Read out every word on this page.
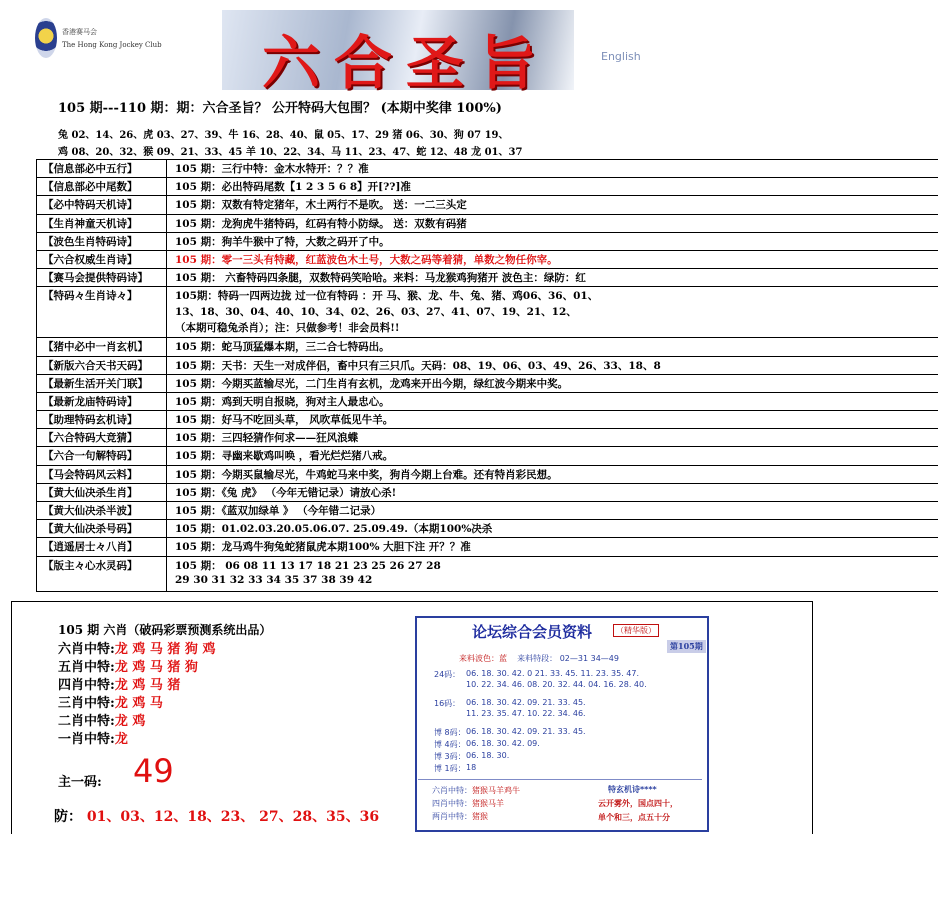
香港赛马会
The Hong Kong Jockey Club 六合圣旨	English
105 期---110 期：期：六合圣旨？ 公开特码大包围？ (本期中奖律 100%)
兔 02、14、26、虎 03、27、39、牛 16、28、40、鼠 05、17、29 猪 06、30、狗 07 19、
鸡 08、20、32、猴 09、21、33、45 羊 10、22、34、马 11、23、47、蛇 12、48 龙 01、37
【信息部必中五行】	105 期：三行中特：金木水特开：？？准
【信息部必中尾数】	105 期：必出特码尾数【1 2 3 5 6 8】开[??]准
【必中特码天机诗】	105 期：双数有特定猪年，木土两行不是吹。 送：一二三头定
【生肖神童天机诗】	105 期：龙狗虎牛猪特码，红码有特小防绿。 送：双数有码猪
【波色生肖特码诗】	105 期：狗羊牛猴中了特，大数之码开了中。
【六合权威生肖诗】	105 期：零一三头有特藏，红蓝波色木土号，大数之码等着猜，单数之物任你宰。
【赛马会提供特码诗】	105 期： 六畜特码四条腿，双数特码笑哈哈。来料：马龙猴鸡狗猪开 波色主：绿防：红
【特码々生肖诗々】	105期：特码一四两边拢 过一位有特码 ：开 马、猴、龙、牛、兔、猪、鸡06、36、01、
13、18、30、04、40、10、34、02、26、03、27、41、07、19、21、12、
（本期可稳兔杀肖）；注：只做参考！非会员料!!
【猪中必中一肖玄机】	105 期：蛇马顶猛爆本期，三二合七特码出。
【新版六合天书天码】	105 期：天书：天生一对成伴侣，畜中只有三只爪。天码：08、19、06、03、49、26、33、18、8
【最新生活开关门联】	105 期：今期买蓝输尽光，二门生肖有玄机，龙鸡来开出今期，绿红波今期来中奖。
【最新龙庙特码诗】	105 期：鸡到天明自报晓，狗对主人最忠心。
【助理特码玄机诗】	105 期：好马不吃回头草， 风吹草低见牛羊。
【六合特码大竞猜】	105 期：三四轻猜作何求——狂风浪蝶
【六合一句解特码】	105 期：寻幽来歇鸡叫唤 ，看光烂烂猪八戒。
【马会特码风云料】	105 期：今期买鼠输尽光，牛鸡蛇马来中奖，狗肖今期上台难。还有特肖彩民想。
【黄大仙决杀生肖】	105 期：《兔 虎》 （今年无错记录）请放心杀!
【黄大仙决杀半波】	105 期：《蓝双加绿单 》 （今年错二记录）
【黄大仙决杀号码】	105 期：01.02.03.20.05.06.07. 25.09.49.（本期100%决杀
【逍遥居士々八肖】	105 期：龙马鸡牛狗兔蛇猪鼠虎本期100% 大胆下注 开？？准
【版主々心水灵码】	105 期： 06 08 11 13 17 18 21 23 25 26 27 28
29 30 31 32 33 34 35 37 38 39 42
105 期 六肖（破码彩票预测系统出品）
六肖中特:龙 鸡 马 猪 狗 鸡
五肖中特:龙 鸡 马 猪 狗
四肖中特:龙 鸡 马 猪
三肖中特:龙 鸡 马
二肖中特:龙 鸡
一肖中特:龙
主一码: 49
防： 01、03、12、18、23、 27、28、35、36
论坛综合会员资料	（精华版）
第105期
来料波色：蓝 来料特段： 02—31 34—49
24码： 06. 18. 30. 42. 0 21. 33. 45. 11. 23. 35. 47.
10. 22. 34. 46. 08. 20. 32. 44. 04. 16. 28. 40.
16码： 06. 18. 30. 42. 09. 21. 33. 45.
11. 23. 35. 47. 10. 22. 34. 46.
博 8码： 06. 18. 30. 42. 09. 21. 33. 45.
博 4码： 06. 18. 30. 42. 09.
博 3码： 06. 18. 30.
博 1码： 18
六肖中特：猪猴马羊鸡牛
四肖中特：猪猴马羊
两肖中特：猪猴
特玄机诗****
云开雾外，国点四十，
单个和三，点五十分
